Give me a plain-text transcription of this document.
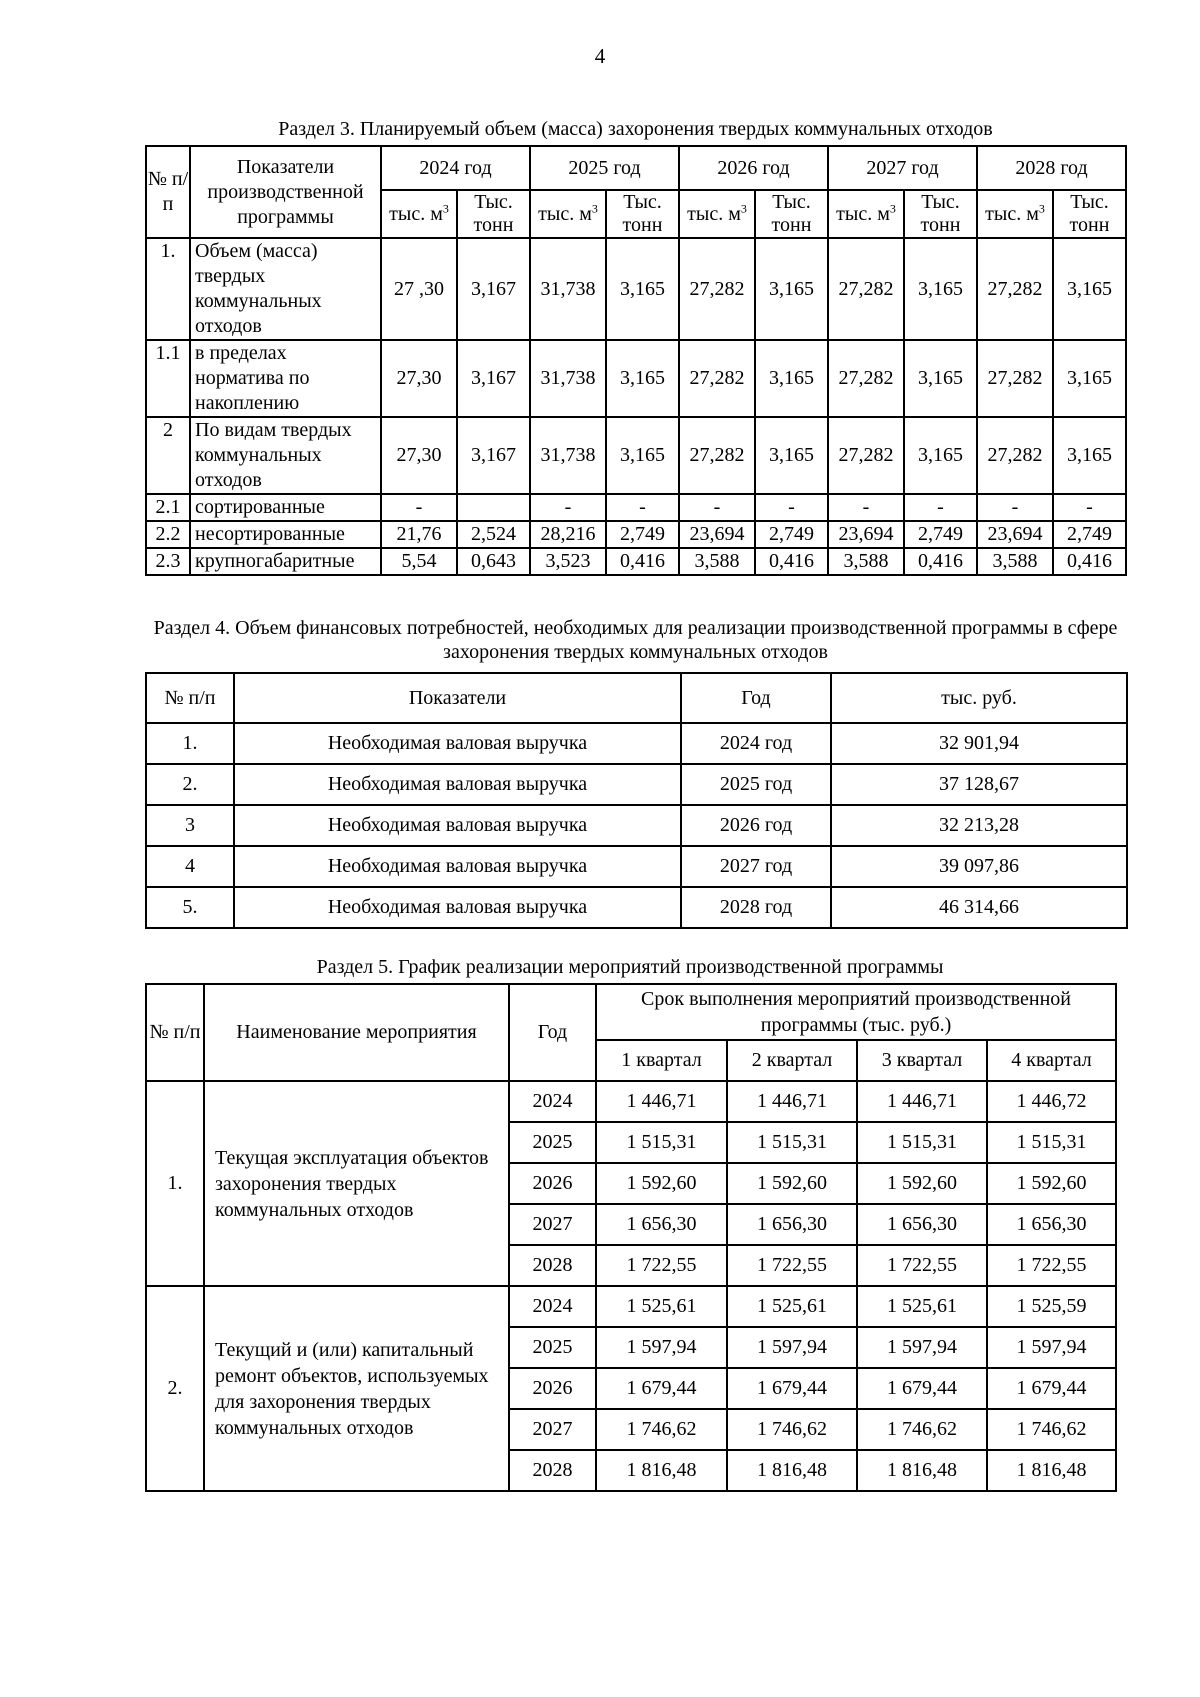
4
Раздел 3. Планируемый объем (масса) захоронения твердых коммунальных отходов
№ п/п	Показатели производственной программы	2024 год		2025 год		2026 год		2027 год		2028 год	
		тыс. $м^3$	Тыс. тонн	тыс. $м^3$	Тыс. тонн	тыс. $м^3$	Тыс. тонн	тыс. $м^3$	Тыс. тонн	тыс. $м^3$	Тыс. тонн
1.	Объем (масса) твердых коммунальных отходов	27 ,30	3,167	31,738	3,165	27,282	3,165	27,282	3,165	27,282	3,165
1.1	в пределах норматива по накоплению	27,30	3,167	31,738	3,165	27,282	3,165	27,282	3,165	27,282	3,165
2	По видам твердых коммунальных отходов	27,30	3,167	31,738	3,165	27,282	3,165	27,282	3,165	27,282	3,165
2.1	сортированные	-		-	-	-	-	-	-	-	-
2.2	несортированные	21,76	2,524	28,216	2,749	23,694	2,749	23,694	2,749	23,694	2,749
2.3	крупногабаритные	5,54	0,643	3,523	0,416	3,588	0,416	3,588	0,416	3,588	0,416
Раздел 4. Объем финансовых потребностей, необходимых для реализации производственной программы в сфере захоронения твердых коммунальных отходов
№ п/п	Показатели	Год	тыс. руб.
1.	Необходимая валовая выручка	2024 год	32 901,94
2.	Необходимая валовая выручка	2025 год	37 128,67
3	Необходимая валовая выручка	2026 год	32 213,28
4	Необходимая валовая выручка	2027 год	39 097,86
5.	Необходимая валовая выручка	2028 год	46 314,66
Раздел 5. График реализации мероприятий производственной программы
№ п/п	Наименование мероприятия	Год	Срок выполнения мероприятий производственной программы (тыс. руб.)			
			1 квартал	2 квартал	3 квартал	4 квартал
1.	Текущая эксплуатация объектов захоронения твердых коммунальных отходов	2024	1 446,71	1 446,71	1 446,71	1 446,72
		2025	1 515,31	1 515,31	1 515,31	1 515,31
		2026	1 592,60	1 592,60	1 592,60	1 592,60
		2027	1 656,30	1 656,30	1 656,30	1 656,30
		2028	1 722,55	1 722,55	1 722,55	1 722,55
2.	Текущий и (или) капитальный ремонт объектов, используемых для захоронения твердых коммунальных отходов	2024	1 525,61	1 525,61	1 525,61	1 525,59
		2025	1 597,94	1 597,94	1 597,94	1 597,94
		2026	1 679,44	1 679,44	1 679,44	1 679,44
		2027	1 746,62	1 746,62	1 746,62	1 746,62
		2028	1 816,48	1 816,48	1 816,48	1 816,48
